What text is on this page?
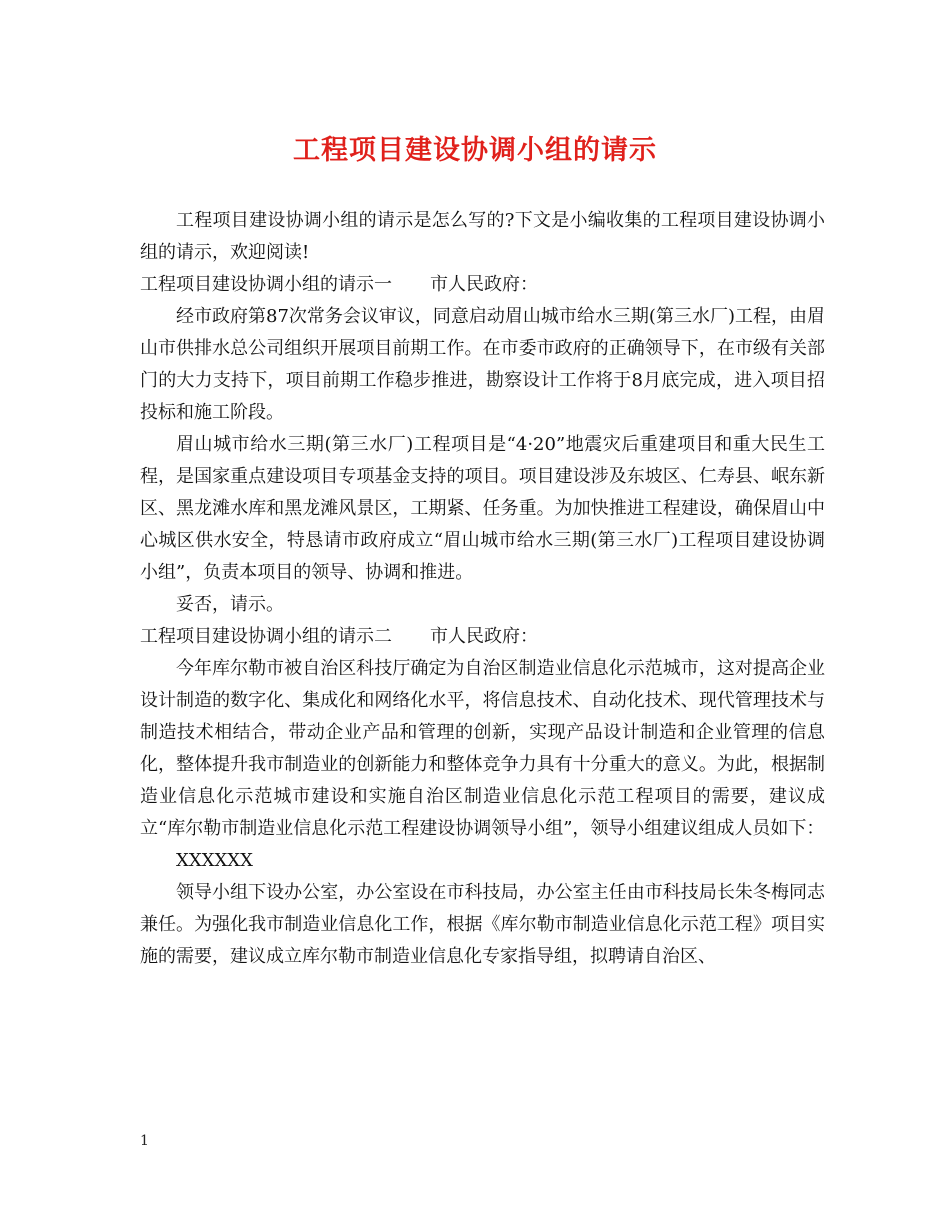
工程项目建设协调小组的请示

工程项目建设协调小组的请示是怎么写的?下文是小编收集的工程项目建设协调小组的请示，欢迎阅读!

工程项目建设协调小组的请示一 市人民政府：

经市政府第87次常务会议审议，同意启动眉山城市给水三期(第三水厂)工程，由眉山市供排水总公司组织开展项目前期工作。在市委市政府的正确领导下，在市级有关部门的大力支持下，项目前期工作稳步推进，勘察设计工作将于8月底完成，进入项目招投标和施工阶段。

眉山城市给水三期(第三水厂)工程项目是“4·20”地震灾后重建项目和重大民生工程，是国家重点建设项目专项基金支持的项目。项目建设涉及东坡区、仁寿县、岷东新区、黑龙滩水库和黑龙滩风景区，工期紧、任务重。为加快推进工程建设，确保眉山中心城区供水安全，特恳请市政府成立“眉山城市给水三期(第三水厂)工程项目建设协调小组”，负责本项目的领导、协调和推进。

妥否，请示。

工程项目建设协调小组的请示二 市人民政府：

今年库尔勒市被自治区科技厅确定为自治区制造业信息化示范城市，这对提高企业设计制造的数字化、集成化和网络化水平，将信息技术、自动化技术、现代管理技术与制造技术相结合，带动企业产品和管理的创新，实现产品设计制造和企业管理的信息化，整体提升我市制造业的创新能力和整体竞争力具有十分重大的意义。为此，根据制造业信息化示范城市建设和实施自治区制造业信息化示范工程项目的需要，建议成立“库尔勒市制造业信息化示范工程建设协调领导小组”，领导小组建议组成人员如下：

XXXXXX

领导小组下设办公室，办公室设在市科技局，办公室主任由市科技局长朱冬梅同志兼任。为强化我市制造业信息化工作，根据《库尔勒市制造业信息化示范工程》项目实施的需要，建议成立库尔勒市制造业信息化专家指导组，拟聘请自治区、

1
